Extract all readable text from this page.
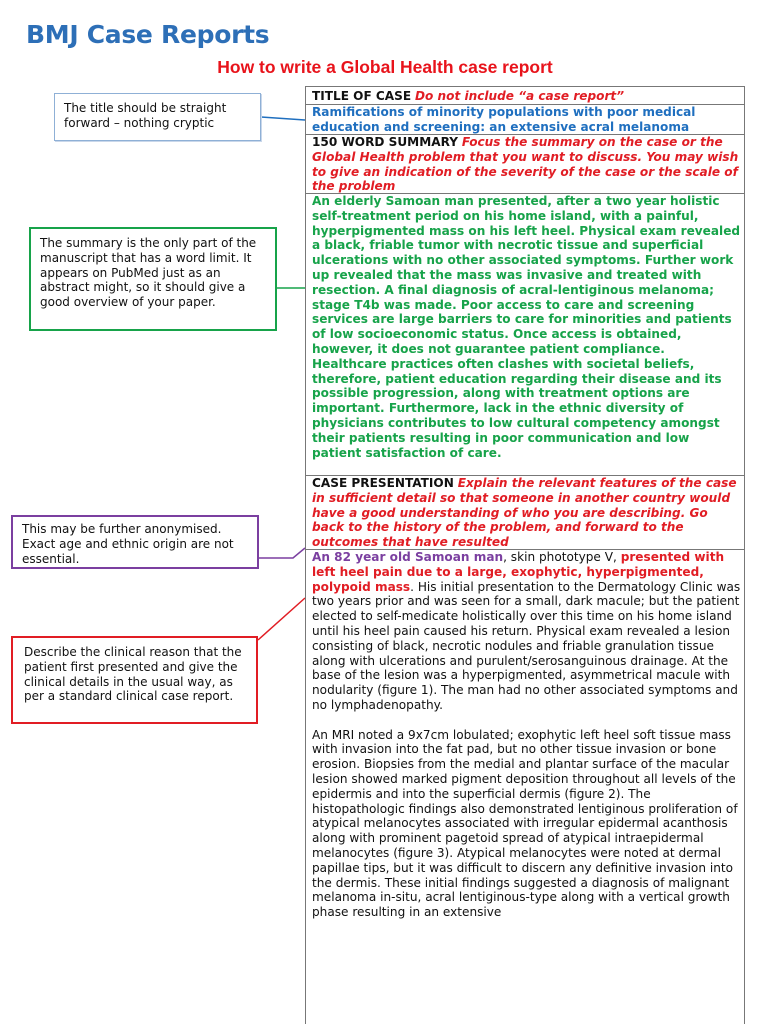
BMJ Case Reports
How to write a Global Health case report
The title should be straight forward – nothing cryptic
The summary is the only part of the manuscript that has a word limit. It appears on PubMed just as an abstract might, so it should give a good overview of your paper.
This may be further anonymised. Exact age and ethnic origin are not essential.
Describe the clinical reason that the patient first presented and give the clinical details in the usual way, as per a standard clinical case report.
TITLE OF CASE Do not include “a case report”
Ramifications of minority populations with poor medical education and screening: an extensive acral melanoma
150 WORD SUMMARY Focus the summary on the case or the Global Health problem that you want to discuss. You may wish to give an indication of the severity of the case or the scale of the problem
An elderly Samoan man presented, after a two year holistic self-treatment period on his home island, with a painful, hyperpigmented mass on his left heel. Physical exam revealed a black, friable tumor with necrotic tissue and superficial ulcerations with no other associated symptoms. Further work up revealed that the mass was invasive and treated with resection. A final diagnosis of acral-lentiginous melanoma; stage T4b was made. Poor access to care and screening services are large barriers to care for minorities and patients of low socioeconomic status. Once access is obtained, however, it does not guarantee patient compliance. Healthcare practices often clashes with societal beliefs, therefore, patient education regarding their disease and its possible progression, along with treatment options are important. Furthermore, lack in the ethnic diversity of physicians contributes to low cultural competency amongst their patients resulting in poor communication and low patient satisfaction of care.
CASE PRESENTATION Explain the relevant features of the case in sufficient detail so that someone in another country would have a good understanding of who you are describing. Go back to the history of the problem, and forward to the outcomes that have resulted

An 82 year old Samoan man, skin phototype V, presented with left heel pain due to a large, exophytic, hyperpigmented, polypoid mass. His initial presentation to the Dermatology Clinic was two years prior and was seen for a small, dark macule; but the patient elected to self-medicate holistically over this time on his home island until his heel pain caused his return. Physical exam revealed a lesion consisting of black, necrotic nodules and friable granulation tissue along with ulcerations and purulent/serosanguinous drainage. At the base of the lesion was a hyperpigmented, asymmetrical macule with nodularity (figure 1). The man had no other associated symptoms and no lymphadenopathy.

An MRI noted a 9x7cm lobulated; exophytic left heel soft tissue mass with invasion into the fat pad, but no other tissue invasion or bone erosion. Biopsies from the medial and plantar surface of the macular lesion showed marked pigment deposition throughout all levels of the epidermis and into the superficial dermis (figure 2). The histopathologic findings also demonstrated lentiginous proliferation of atypical melanocytes associated with irregular epidermal acanthosis along with prominent pagetoid spread of atypical intraepidermal melanocytes (figure 3). Atypical melanocytes were noted at dermal papillae tips, but it was difficult to discern any definitive invasion into the dermis. These initial findings suggested a diagnosis of malignant melanoma in-situ, acral lentiginous-type along with a vertical growth phase resulting in an extensive
